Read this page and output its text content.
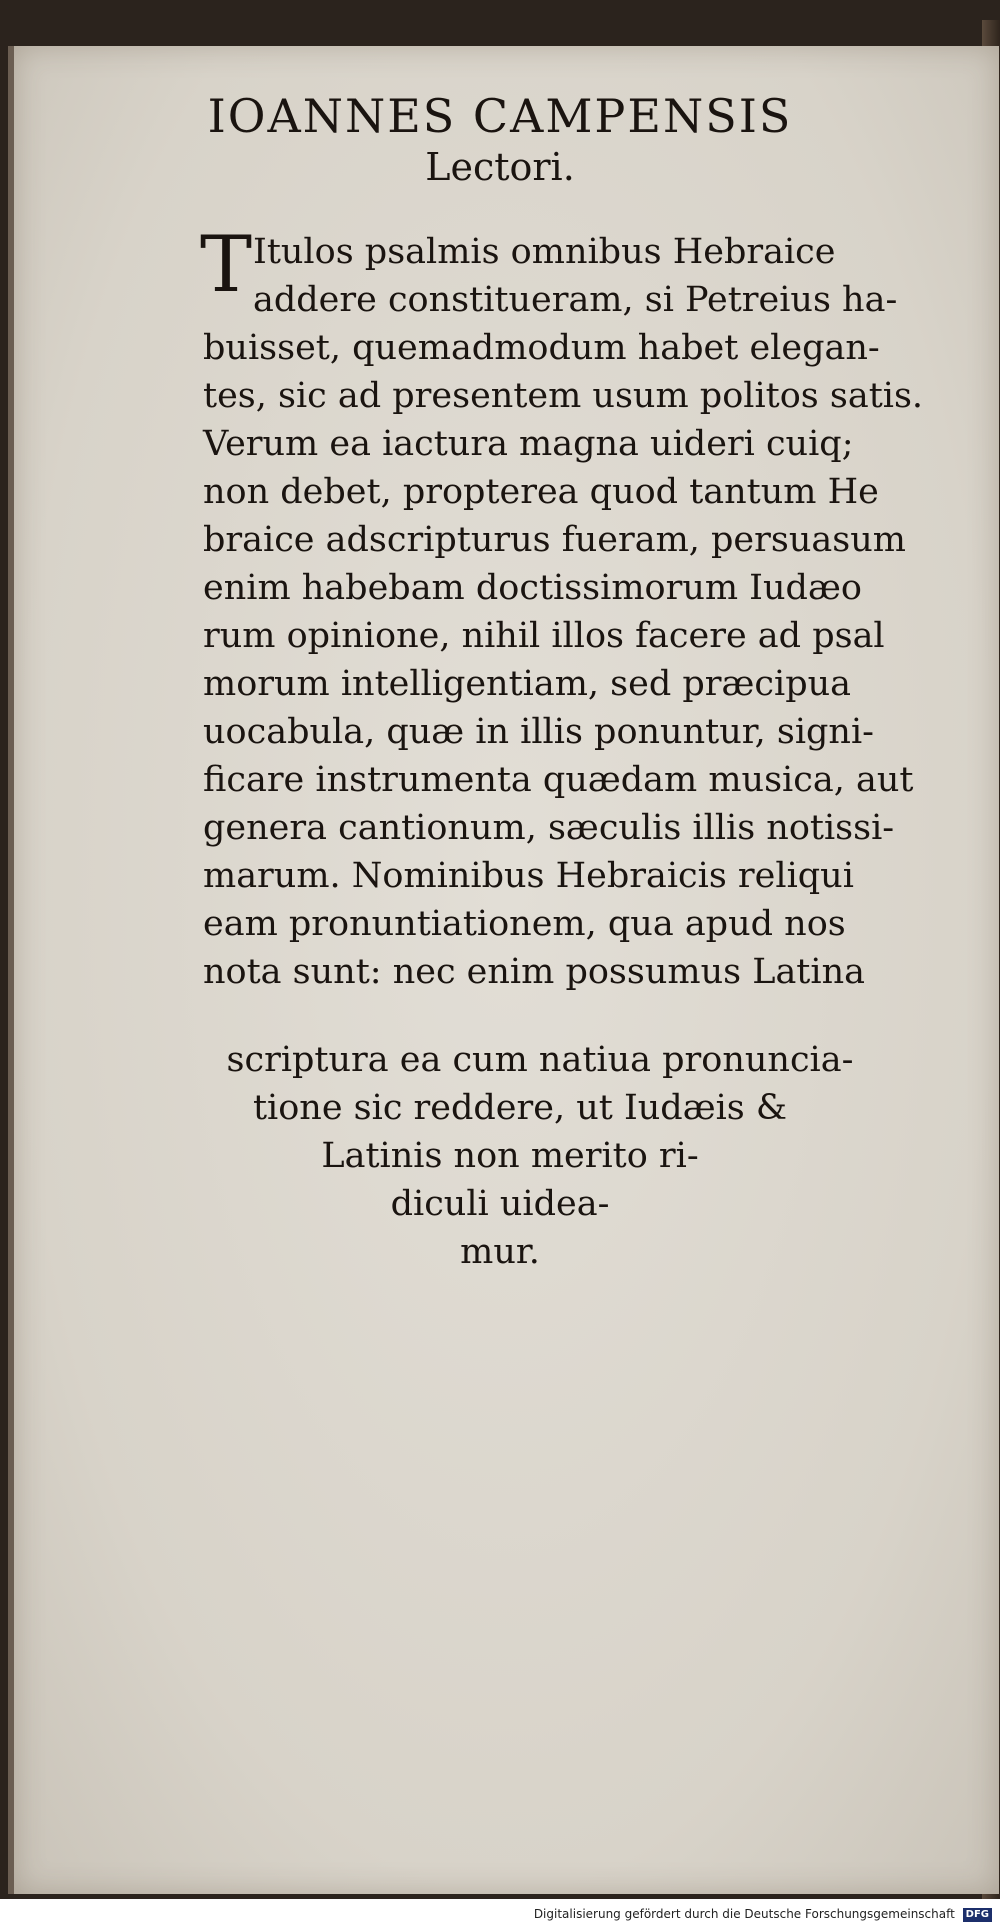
IOANNES CAMPENSIS
Lectori.
T Itulos psalmis omnibus Hebraice
addere constitueram, si Petreius ha-
buisset, quemadmodum habet elegan-
tes, sic ad presentem usum politos satis.
Verum ea iactura magna uideri cuiq;
non debet, propterea quod tantum He
braice adscripturus fueram, persuasum
enim habebam doctissimorum Iudæo
rum opinione, nihil illos facere ad psal
morum intelligentiam, sed præcipua
uocabula, quæ in illis ponuntur, signi-
ficare instrumenta quædam musica, aut
genera cantionum, sæculis illis notissi-
marum. Nominibus Hebraicis reliqui
eam pronuntiationem, qua apud nos
nota sunt: nec enim possumus Latina
scriptura ea cum natiua pronuncia-
tione sic reddere, ut Iudæis &
Latinis non merito ri-
diculi uidea-
mur.
Digitalisierung gefördert durch die Deutsche Forschungsgemeinschaft DFG
